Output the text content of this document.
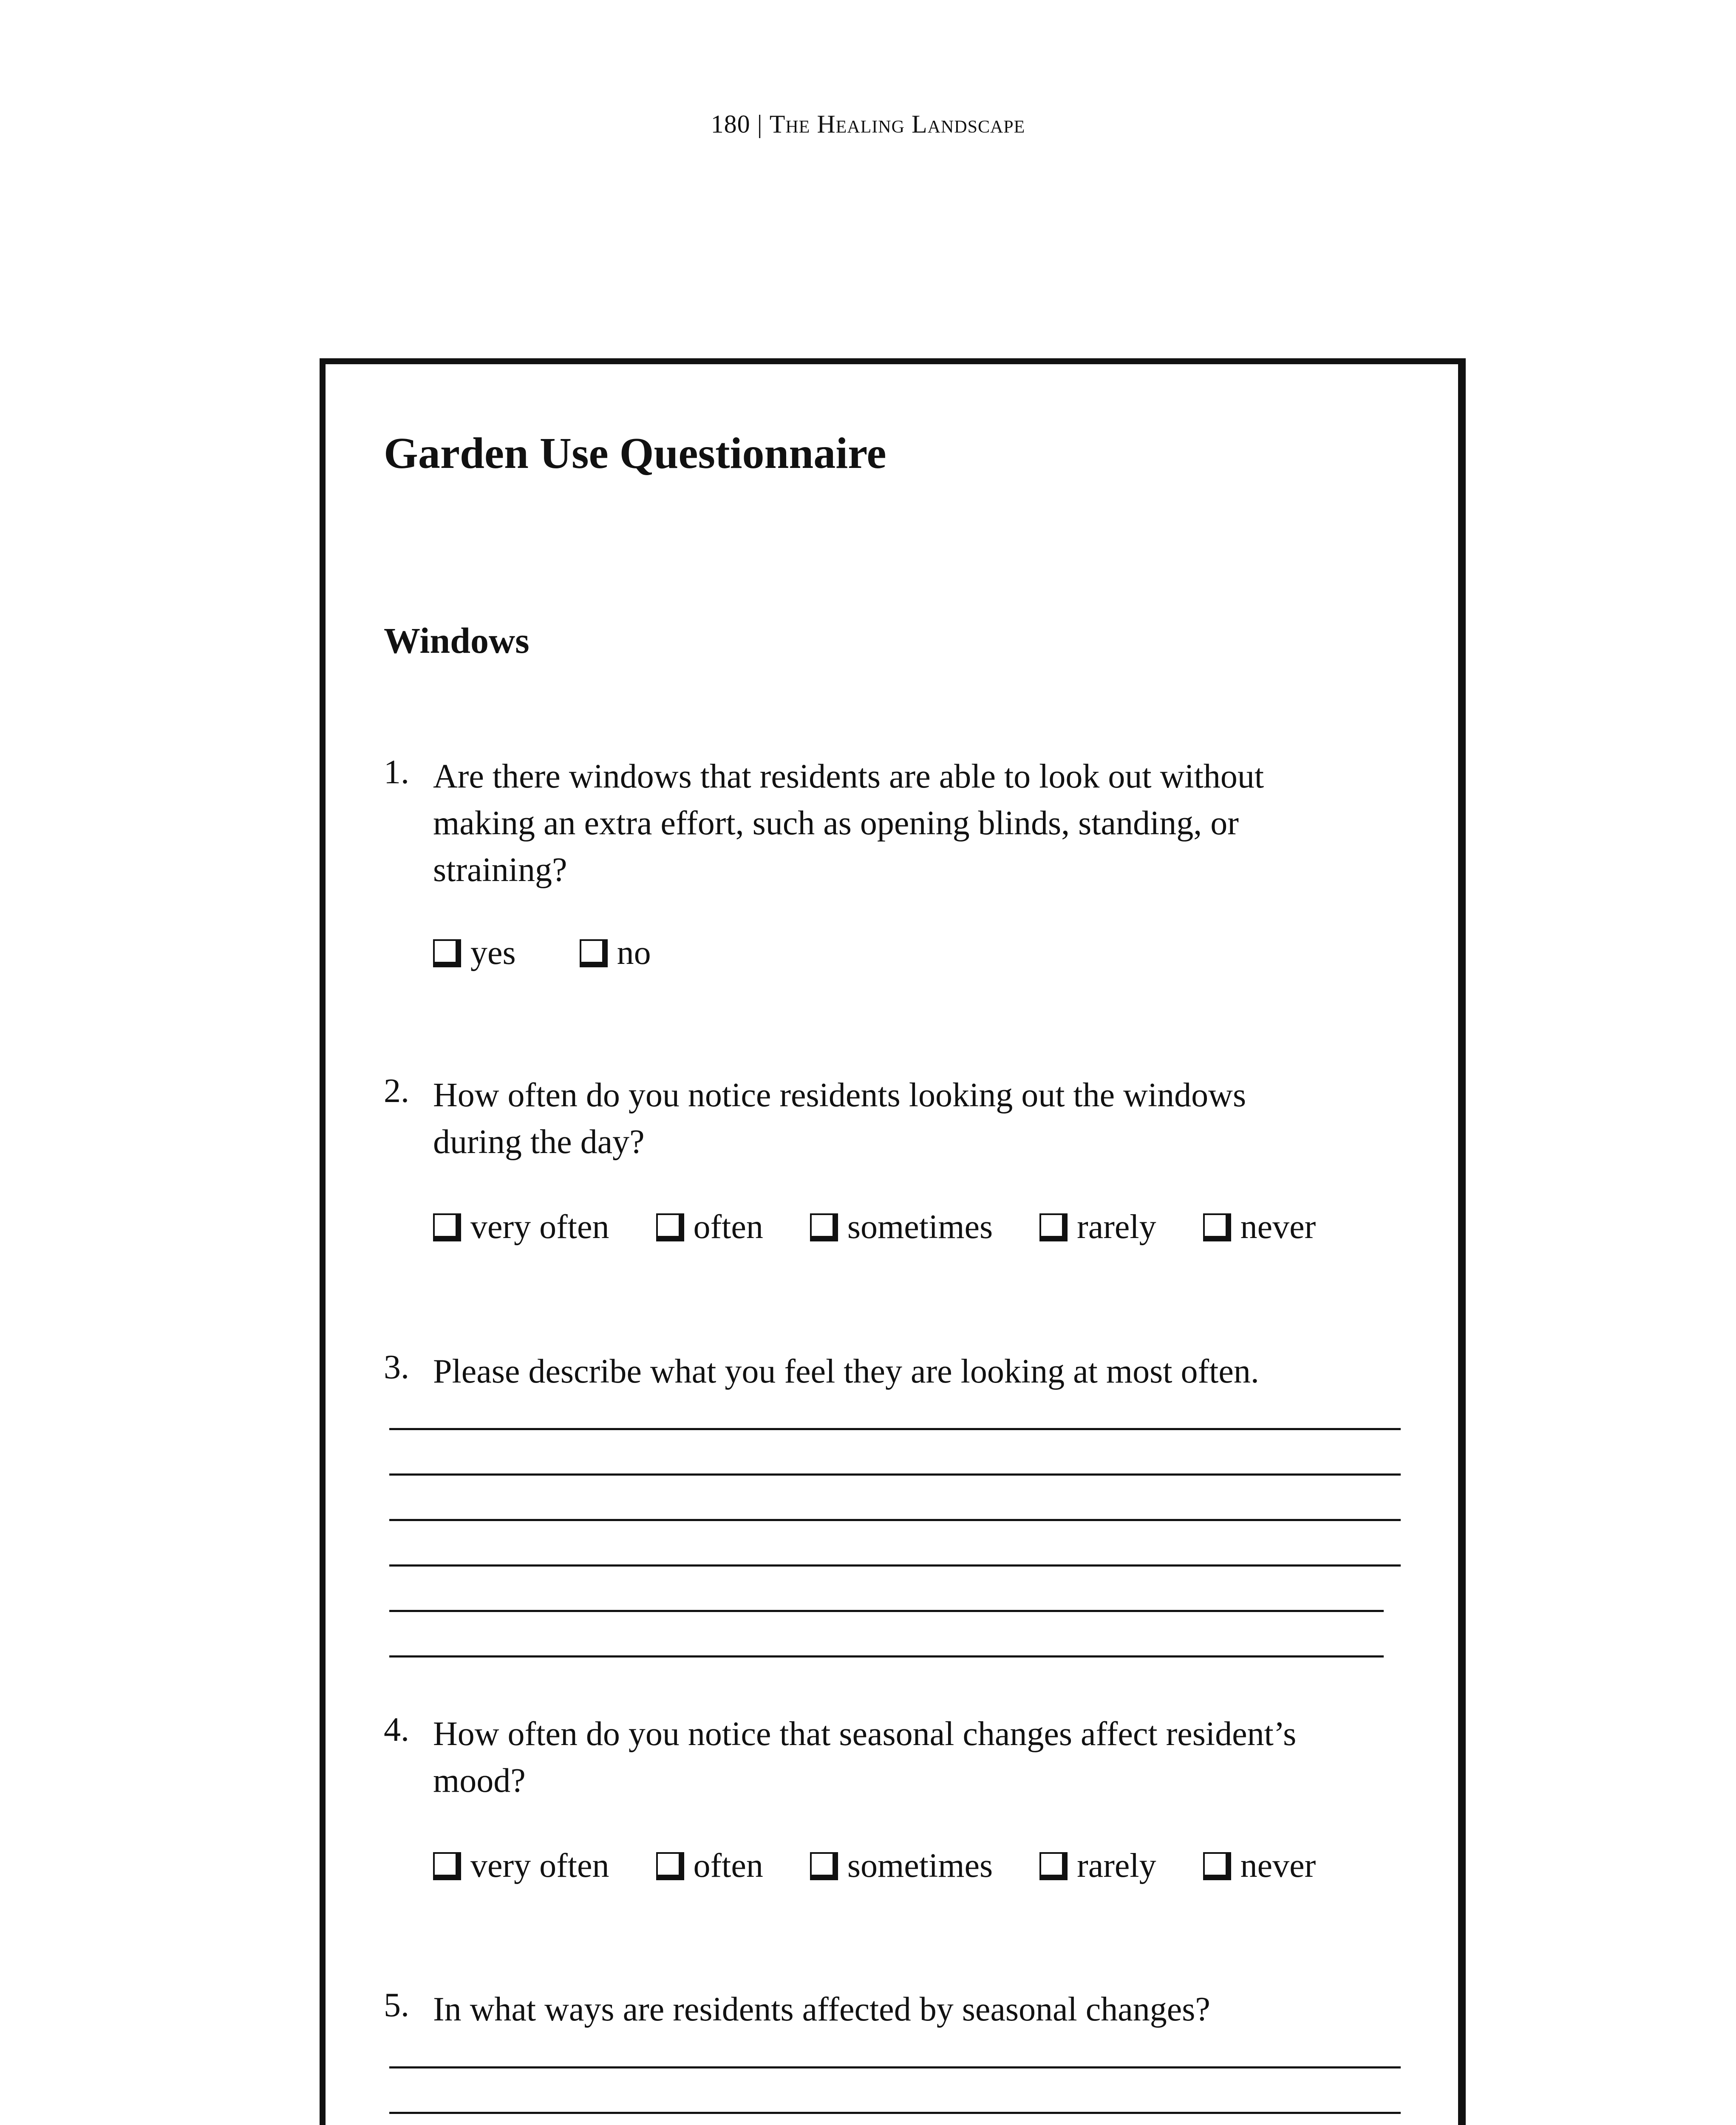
180 | The Healing Landscape
Garden Use Questionnaire
Windows
1. Are there windows that residents are able to look out without
making an extra effort, such as opening blinds, standing, or
straining?
yes	no
2. How often do you notice residents looking out the windows
during the day?
very often often sometimes rarely never
3. Please describe what you feel they are looking at most often.
4. How often do you notice that seasonal changes affect resident’s
mood?
very often often sometimes rarely never
5. In what ways are residents affected by seasonal changes?
